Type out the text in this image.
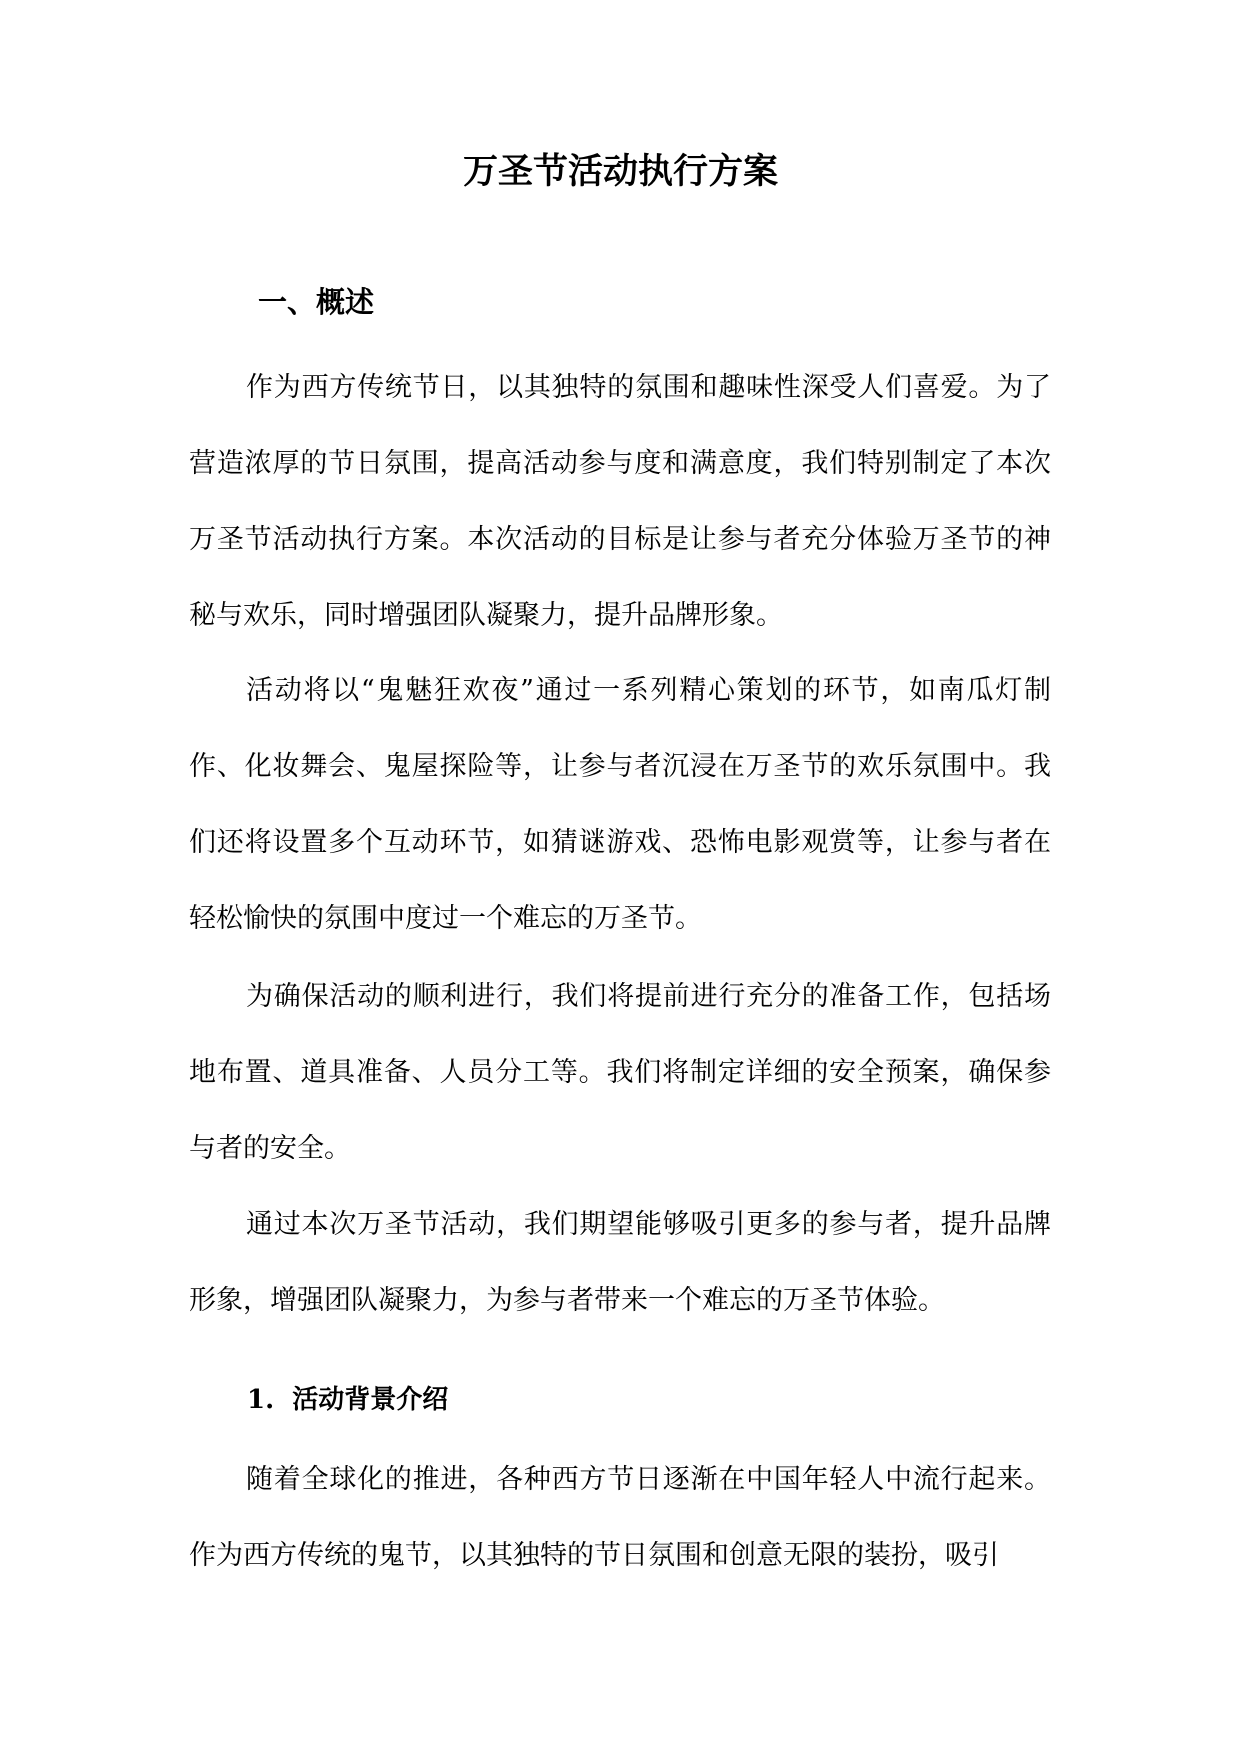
万圣节活动执行方案
一、概述

作为西方传统节日，以其独特的氛围和趣味性深受人们喜爱。为了营造浓厚的节日氛围，提高活动参与度和满意度，我们特别制定了本次万圣节活动执行方案。本次活动的目标是让参与者充分体验万圣节的神秘与欢乐，同时增强团队凝聚力，提升品牌形象。

活动将以“鬼魅狂欢夜”通过一系列精心策划的环节，如南瓜灯制作、化妆舞会、鬼屋探险等，让参与者沉浸在万圣节的欢乐氛围中。我们还将设置多个互动环节，如猜谜游戏、恐怖电影观赏等，让参与者在轻松愉快的氛围中度过一个难忘的万圣节。

为确保活动的顺利进行，我们将提前进行充分的准备工作，包括场地布置、道具准备、人员分工等。我们将制定详细的安全预案，确保参与者的安全。

通过本次万圣节活动，我们期望能够吸引更多的参与者，提升品牌形象，增强团队凝聚力，为参与者带来一个难忘的万圣节体验。

1.  活动背景介绍

随着全球化的推进，各种西方节日逐渐在中国年轻人中流行起来。作为西方传统的鬼节，以其独特的节日氛围和创意无限的装扮，吸引
